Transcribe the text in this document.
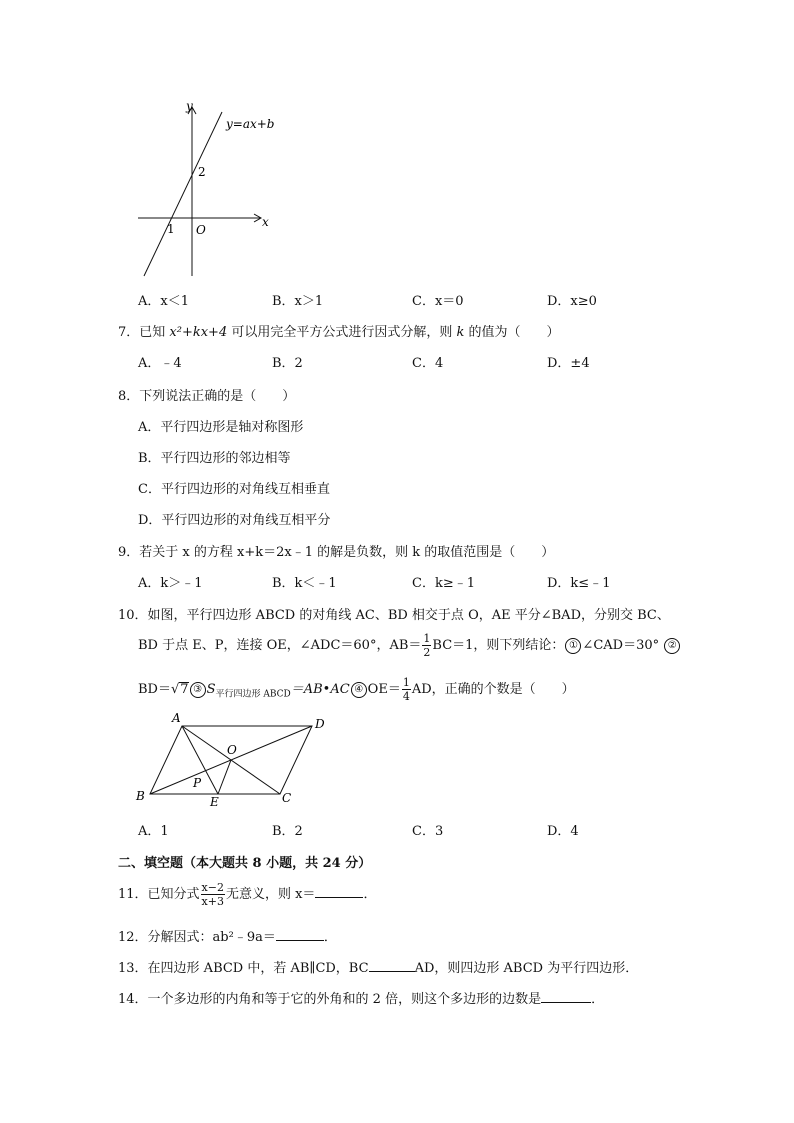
y
x
y=ax+b
2
1 O
A．x＜1	B．x＞1	C．x＝0	D．x≥0
7．已知 x²+kx+4 可以用完全平方公式进行因式分解，则 k 的值为（　　）
A．﹣4	B．2	C．4	D．±4
8．下列说法正确的是（　　）
A．平行四边形是轴对称图形
B．平行四边形的邻边相等
C．平行四边形的对角线互相垂直
D．平行四边形的对角线互相平分
9．若关于 x 的方程 x+k＝2x﹣1 的解是负数，则 k 的取值范围是（　　）
A．k＞﹣1	B．k＜﹣1	C．k≥﹣1	D．k≤﹣1
10．如图，平行四边形 ABCD 的对角线 AC、BD 相交于点 O，AE 平分∠BAD，分别交 BC、
BD 于点 E、P，连接 OE，∠ADC＝60°，$AB= \frac{1}{2} BC=1$，则下列结论： ① ∠CAD＝30° ②
BD＝√7 ③ $S_{平行四边形 ABCD}=AB•AC$ ④ $OE= \frac{1}{4}$ AD，正确的个数是（　　）
A	D
B	C
O
P
E
A．1	B．2	C．3	D．4
二、填空题（本大题共 8 小题，共 24 分）
11．已知分式 $\frac{x-2}{x+3}$ 无意义，则 x＝	．
12．分解因式：ab²﹣9a＝	．
13．在四边形 ABCD 中，若 AB∥CD，BC	AD，则四边形 ABCD 为平行四边形．
14．一个多边形的内角和等于它的外角和的 2 倍，则这个多边形的边数是	．
